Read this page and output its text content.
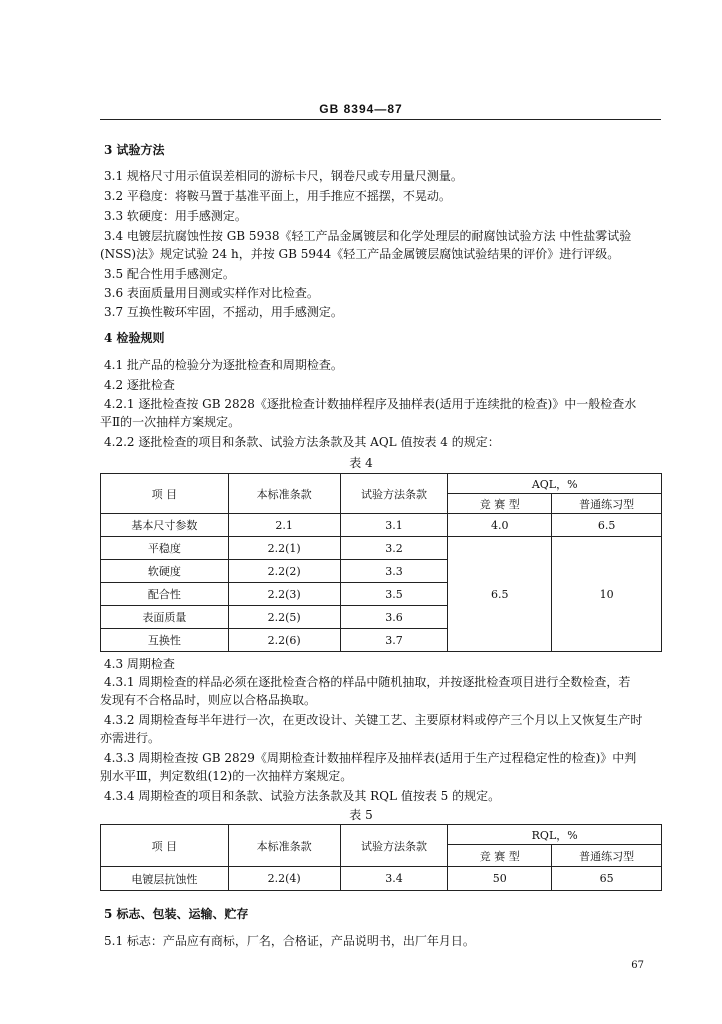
GB 8394—87
3 试验方法
3.1 规格尺寸用示值误差相同的游标卡尺，钢卷尺或专用量尺测量。
3.2 平稳度：将鞍马置于基准平面上，用手推应不摇摆，不晃动。
3.3 软硬度：用手感测定。
3.4 电镀层抗腐蚀性按 GB 5938《轻工产品金属镀层和化学处理层的耐腐蚀试验方法 中性盐雾试验
(NSS)法》规定试验 24 h，并按 GB 5944《轻工产品金属镀层腐蚀试验结果的评价》进行评级。
3.5 配合性用手感测定。
3.6 表面质量用目测或实样作对比检查。
3.7 互换性鞍环牢固，不摇动，用手感测定。
4 检验规则
4.1 批产品的检验分为逐批检查和周期检查。
4.2 逐批检查
4.2.1 逐批检查按 GB 2828《逐批检查计数抽样程序及抽样表(适用于连续批的检查)》中一般检查水
平Ⅱ的一次抽样方案规定。
4.2.2 逐批检查的项目和条款、试验方法条款及其 AQL 值按表 4 的规定：
表 4
项 目	本标准条款	试验方法条款	AQL，%	
			竞 赛 型	普通练习型
基本尺寸参数	2.1	3.1	4.0	6.5
平稳度	2.2(1)	3.2	6.5	10
软硬度	2.2(2)	3.3		
配合性	2.2(3)	3.5		
表面质量	2.2(5)	3.6		
互换性	2.2(6)	3.7		
4.3 周期检查
4.3.1 周期检查的样品必须在逐批检查合格的样品中随机抽取，并按逐批检查项目进行全数检查，若
发现有不合格品时，则应以合格品换取。
4.3.2 周期检查每半年进行一次，在更改设计、关键工艺、主要原材料或停产三个月以上又恢复生产时
亦需进行。
4.3.3 周期检查按 GB 2829《周期检查计数抽样程序及抽样表(适用于生产过程稳定性的检查)》中判
别水平Ⅲ，判定数组(12)的一次抽样方案规定。
4.3.4 周期检查的项目和条款、试验方法条款及其 RQL 值按表 5 的规定。
表 5
项 目	本标准条款	试验方法条款	RQL，%	
			竞 赛 型	普通练习型
电镀层抗蚀性	2.2(4)	3.4	50	65
5 标志、包装、运输、贮存
5.1 标志：产品应有商标，厂名，合格证，产品说明书，出厂年月日。
67
